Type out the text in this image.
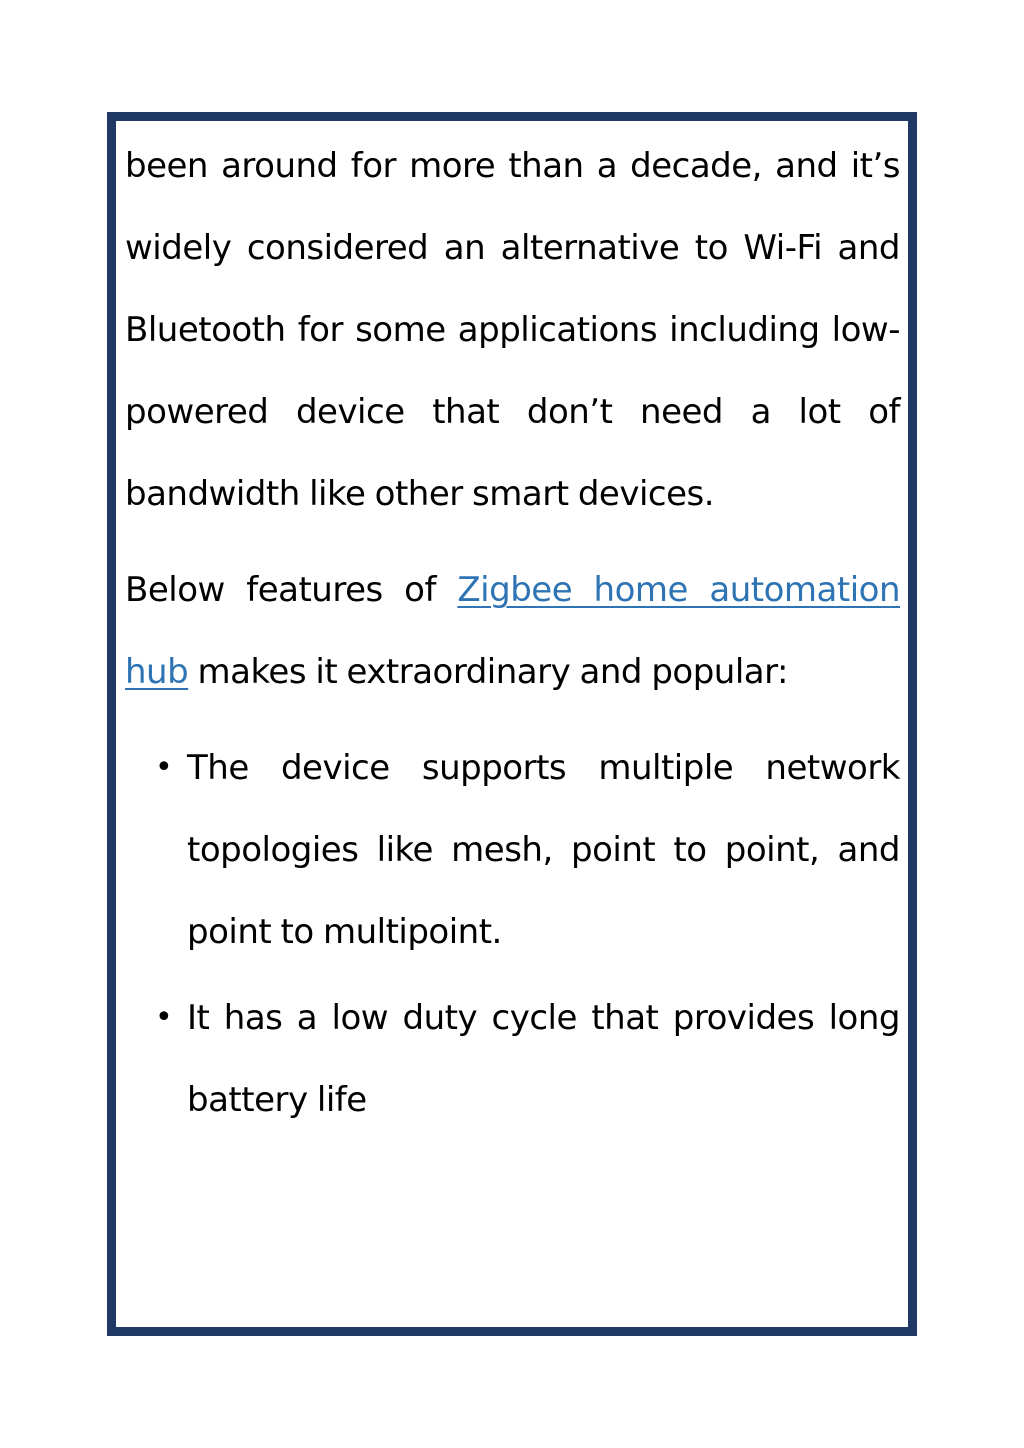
been around for more than a decade, and it’s widely considered an alternative to Wi-Fi and Bluetooth for some applications including low-powered device that don’t need a lot of bandwidth like other smart devices.

Below features of Zigbee home automation hub makes it extraordinary and popular:

• The device supports multiple network topologies like mesh, point to point, and point to multipoint.
• It has a low duty cycle that provides long battery life
